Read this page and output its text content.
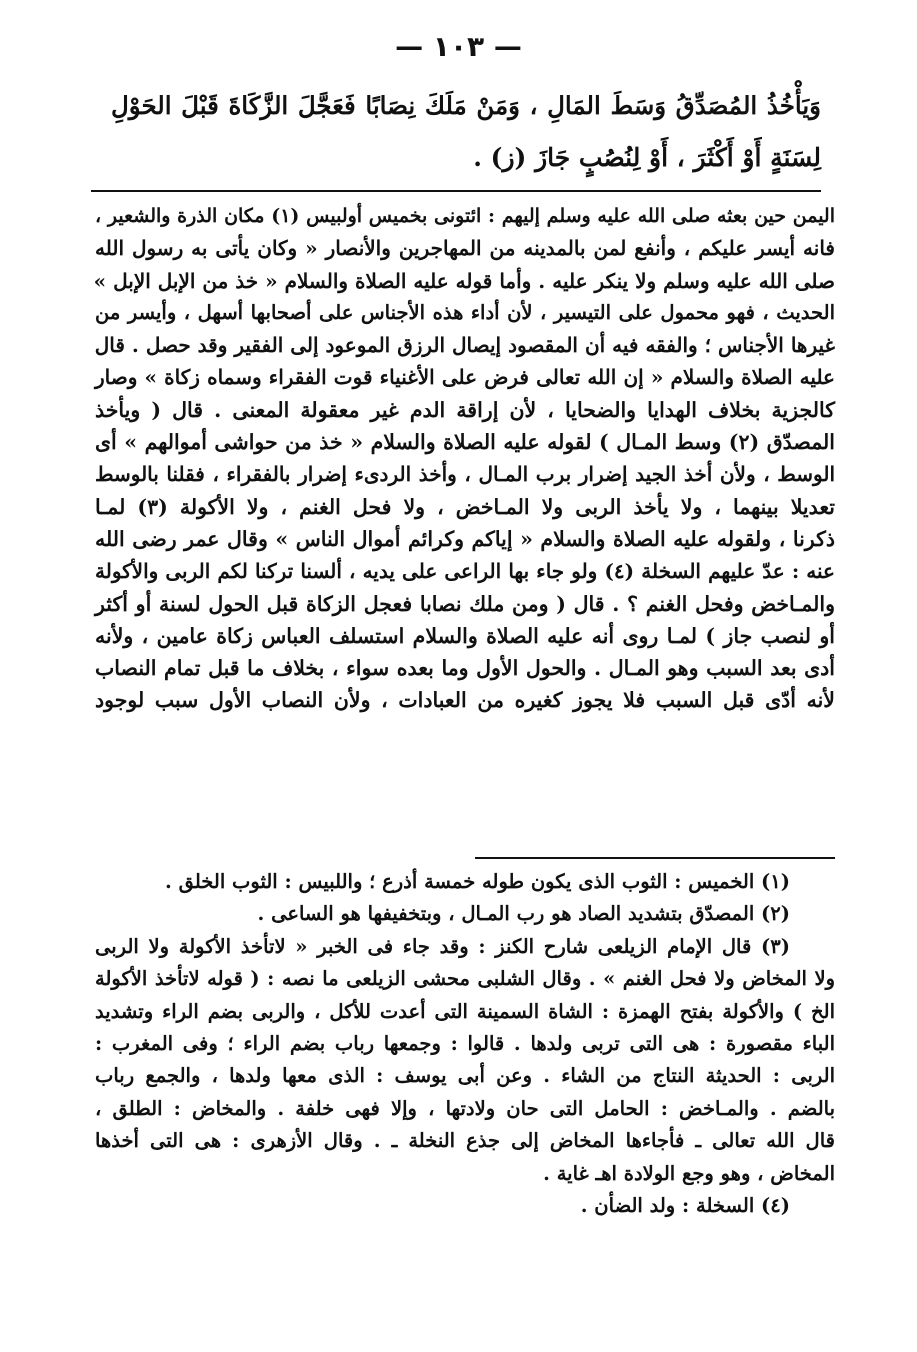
— ١٠٣ —
وَيَأْخُذُ المُصَدِّقُ وَسَطَ المَالِ ، وَمَنْ مَلَكَ نِصَابًا فَعَجَّلَ الزَّكَاةَ قَبْلَ الحَوْلِ
لِسَنَةٍ أَوْ أَكْثَرَ ، أَوْ لِنُصُبٍ جَازَ (ز) .
اليمن حين بعثه صلى الله عليه وسلم إليهم : ائتونى بخميس أولبيس (١) مكان الذرة والشعير ،
فانه أيسر عليكم ، وأنفع لمن بالمدينه من المهاجرين والأنصار « وكان يأتى به رسول الله
صلى الله عليه وسلم ولا ينكر عليه . وأما قوله عليه الصلاة والسلام « خذ من الإبل الإبل »
الحديث ، فهو محمول على التيسير ، لأن أداء هذه الأجناس على أصحابها أسهل ، وأيسر من
غيرها الأجناس ؛ والفقه فيه أن المقصود إيصال الرزق الموعود إلى الفقير وقد حصل . قال
عليه الصلاة والسلام « إن الله تعالى فرض على الأغنياء قوت الفقراء وسماه زكاة » وصار
كالجزية بخلاف الهدايا والضحايا ، لأن إراقة الدم غير معقولة المعنى . قال ( ويأخذ
المصدّق (٢) وسط المـال ) لقوله عليه الصلاة والسلام « خذ من حواشى أموالهم » أى
الوسط ، ولأن أخذ الجيد إضرار برب المـال ، وأخذ الردىء إضرار بالفقراء ، فقلنا بالوسط
تعديلا بينهما ، ولا يأخذ الربى ولا المـاخض ، ولا فحل الغنم ، ولا الأكولة (٣) لمـا
ذكرنا ، ولقوله عليه الصلاة والسلام « إياكم وكرائم أموال الناس » وقال عمر رضى الله
عنه : عدّ عليهم السخلة (٤) ولو جاء بها الراعى على يديه ، ألسنا تركنا لكم الربى والأكولة
والمـاخض وفحل الغنم ؟ . قال ( ومن ملك نصابا فعجل الزكاة قبل الحول لسنة أو أكثر
أو لنصب جاز ) لمـا روى أنه عليه الصلاة والسلام استسلف العباس زكاة عامين ، ولأنه
أدى بعد السبب وهو المـال . والحول الأول وما بعده سواء ، بخلاف ما قبل تمام النصاب
لأنه أدّى قبل السبب فلا يجوز كغيره من العبادات ، ولأن النصاب الأول سبب لوجود
(١) الخميس : الثوب الذى يكون طوله خمسة أذرع ؛ واللبيس : الثوب الخلق .
(٢) المصدّق بتشديد الصاد هو رب المـال ، وبتخفيفها هو الساعى .
(٣) قال الإمام الزيلعى شارح الكنز : وقد جاء فى الخبر « لاتأخذ الأكولة ولا الربى
ولا المخاض ولا فحل الغنم » . وقال الشلبى محشى الزيلعى ما نصه : ( قوله لاتأخذ الأكولة
الخ ) والأكولة بفتح الهمزة : الشاة السمينة التى أعدت للأكل ، والربى بضم الراء وتشديد
الباء مقصورة : هى التى تربى ولدها . قالوا : وجمعها رباب بضم الراء ؛ وفى المغرب :
الربى : الحديثة النتاج من الشاء . وعن أبى يوسف : الذى معها ولدها ، والجمع رباب
بالضم . والمـاخض : الحامل التى حان ولادتها ، وإلا فهى خلفة . والمخاض : الطلق ،
قال الله تعالى ـ فأجاءها المخاض إلى جذع النخلة ـ . وقال الأزهرى : هى التى أخذها
المخاض ، وهو وجع الولادة اهـ غاية .
(٤) السخلة : ولد الضأن .
